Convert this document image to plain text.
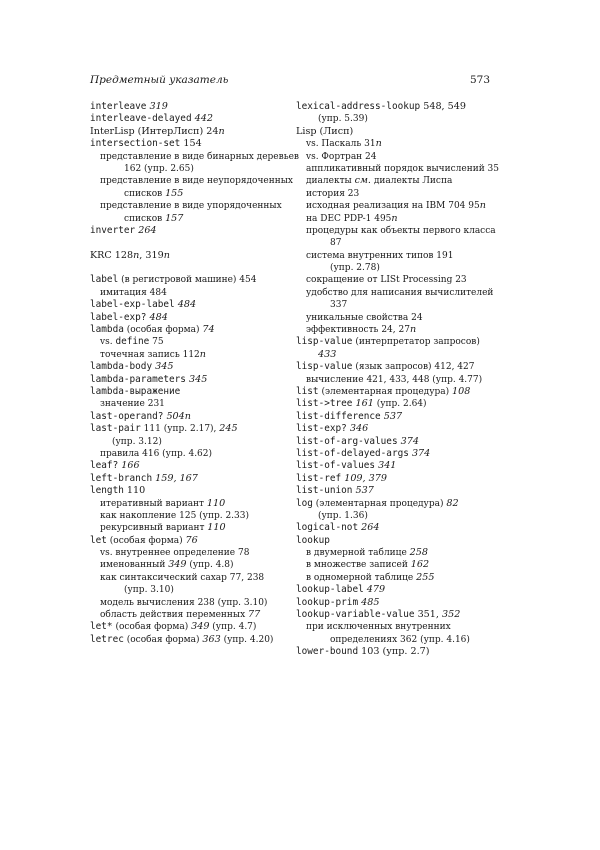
Предметный указатель	573
interleave 319
interleave-delayed 442
InterLisp (ИнтерЛисп) 24n
intersection-set 154
представление в виде бинарных деревьев
162 (упр. 2.65)
представление в виде неупорядоченных
списков 155
представление в виде упорядоченных
списков 157
inverter 264
KRC 128n, 319n
label (в регистровой машине) 454
имитация 484
label-exp-label 484
label-exp? 484
lambda (особая форма) 74
vs. define 75
точечная запись 112n
lambda-body 345
lambda-parameters 345
lambda-выражение
значение 231
last-operand? 504n
last-pair 111 (упр. 2.17), 245
(упр. 3.12)
правила 416 (упр. 4.62)
leaf? 166
left-branch 159, 167
length 110
итеративный вариант 110
как накопление 125 (упр. 2.33)
рекурсивный вариант 110
let (особая форма) 76
vs. внутреннее определение 78
именованный 349 (упр. 4.8)
как синтаксический сахар 77, 238
(упр. 3.10)
модель вычисления 238 (упр. 3.10)
область действия переменных 77
let* (особая форма) 349 (упр. 4.7)
letrec (особая форма) 363 (упр. 4.20)
lexical-address-lookup 548, 549
(упр. 5.39)
Lisp (Лисп)
vs. Паскаль 31n
vs. Фортран 24
аппликативный порядок вычислений 35
диалекты см. диалекты Лиспа
история 23
исходная реализация на IBM 704 95n
на DEC PDP-1 495n
процедуры как объекты первого класса
87
система внутренних типов 191
(упр. 2.78)
сокращение от LISt Processing 23
удобство для написания вычислителей
337
уникальные свойства 24
эффективность 24, 27n
lisp-value (интерпретатор запросов)
433
lisp-value (язык запросов) 412, 427
вычисление 421, 433, 448 (упр. 4.77)
list (элементарная процедура) 108
list->tree 161 (упр. 2.64)
list-difference 537
list-exp? 346
list-of-arg-values 374
list-of-delayed-args 374
list-of-values 341
list-ref 109, 379
list-union 537
log (элементарная процедура) 82
(упр. 1.36)
logical-not 264
lookup
в двумерной таблице 258
в множестве записей 162
в одномерной таблице 255
lookup-label 479
lookup-prim 485
lookup-variable-value 351, 352
при исключенных внутренних
определениях 362 (упр. 4.16)
lower-bound 103 (упр. 2.7)
